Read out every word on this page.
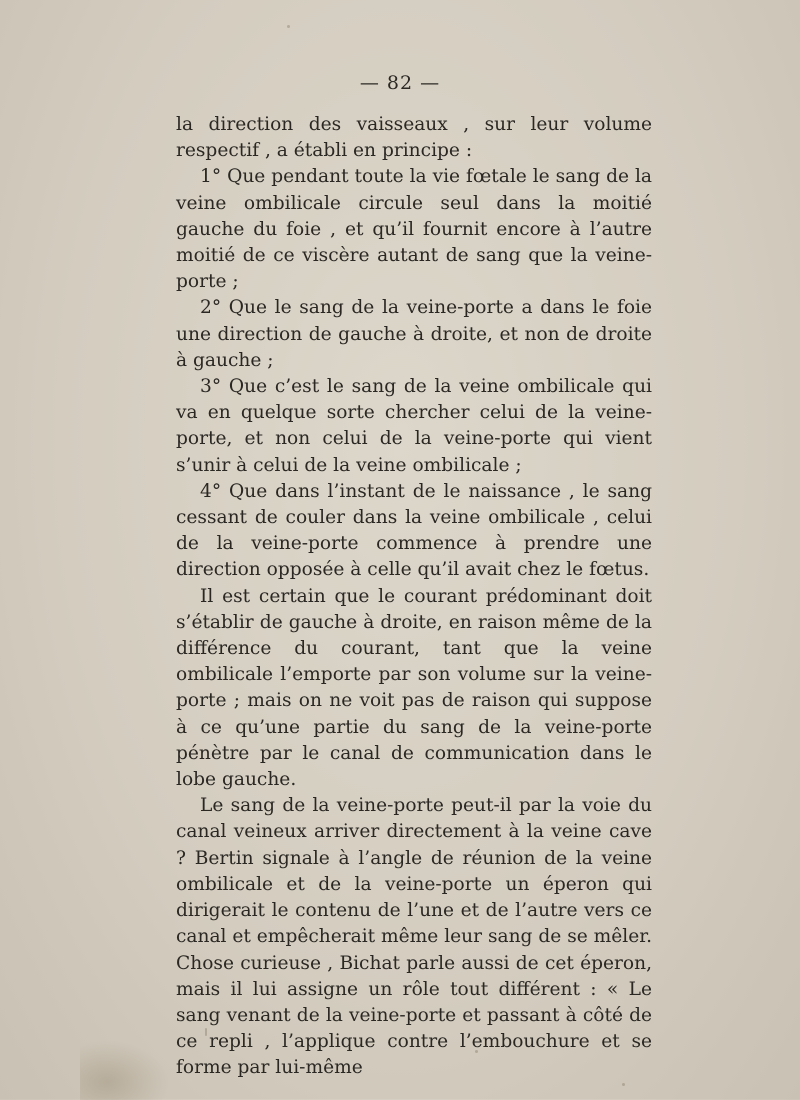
— 82 —

la direction des vaisseaux , sur leur volume respectif , a établi en principe :

1° Que pendant toute la vie fœtale le sang de la veine ombilicale circule seul dans la moitié gauche du foie , et qu’il fournit encore à l’autre moitié de ce viscère autant de sang que la veine-porte ;

2° Que le sang de la veine-porte a dans le foie une direction de gauche à droite, et non de droite à gauche ;

3° Que c’est le sang de la veine ombilicale qui va en quelque sorte chercher celui de la veine-porte, et non celui de la veine-porte qui vient s’unir à celui de la veine ombilicale ;

4° Que dans l’instant de le naissance , le sang cessant de couler dans la veine ombilicale , celui de la veine-porte commence à prendre une direction opposée à celle qu’il avait chez le fœtus.

Il est certain que le courant prédominant doit s’établir de gauche à droite, en raison même de la différence du courant, tant que la veine ombilicale l’emporte par son volume sur la veine-porte ; mais on ne voit pas de raison qui suppose à ce qu’une partie du sang de la veine-porte pénètre par le canal de communication dans le lobe gauche.

Le sang de la veine-porte peut-il par la voie du canal veineux arriver directement à la veine cave ? Bertin signale à l’angle de réunion de la veine ombilicale et de la veine-porte un éperon qui dirigerait le contenu de l’une et de l’autre vers ce canal et empêcherait même leur sang de se mêler. Chose curieuse , Bichat parle aussi de cet éperon, mais il lui assigne un rôle tout différent : « Le sang venant de la veine-porte et passant à côté de ce repli , l’applique contre l’embouchure et se forme par lui-même
